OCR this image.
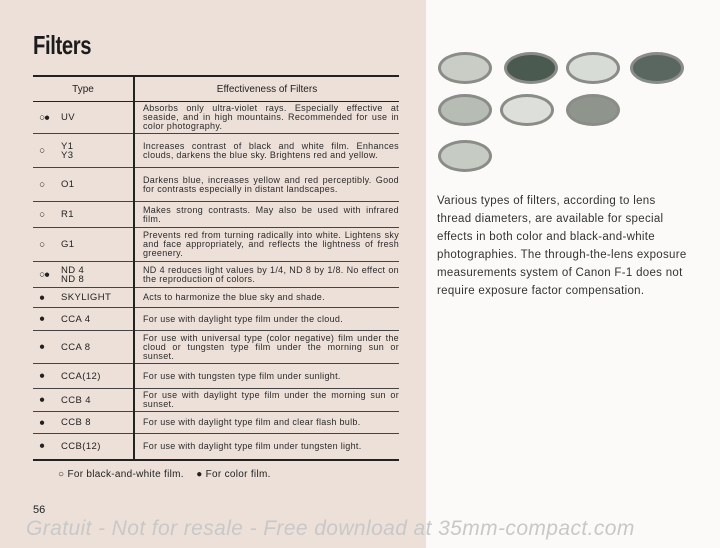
Filters
Type	Effectiveness of Filters

○● UV	Absorbs only ultra-violet rays. Especially effective at seaside, and in high mountains. Recommended for use in color photography.

○ Y1
Y3	Increases contrast of black and white film. Enhances clouds, darkens the blue sky. Brightens red and yellow.

○ O1	Darkens blue, increases yellow and red perceptibly. Good for contrasts especially in distant landscapes.

○ R1	Makes strong contrasts. May also be used with infrared film.

○ G1	Prevents red from turning radically into white. Lightens sky and face appropriately, and reflects the lightness of fresh greenery.

○● ND 4
ND 8	ND 4 reduces light values by 1/4, ND 8 by 1/8. No effect on the reproduction of colors.

● SKYLIGHT	Acts to harmonize the blue sky and shade.

● CCA 4	For use with daylight type film under the cloud.

● CCA 8	For use with universal type (color negative) film under the cloud or tungsten type film under the morning sun or sunset.

● CCA(12)	For use with tungsten type film under sunlight.

● CCB 4	For use with daylight type film under the morning sun or sunset.

● CCB 8	For use with daylight type film and clear flash bulb.

● CCB(12)	For use with daylight type film under tungsten light.
○ For black-and-white film. ● For color film.
56

Various types of filters, according to lens thread diameters, are available for special effects in both color and black-and-white photographies. The through-the-lens exposure measurements system of Canon F-1 does not require exposure factor compensation.

Gratuit - Not for resale - Free download at 35mm-compact.com
